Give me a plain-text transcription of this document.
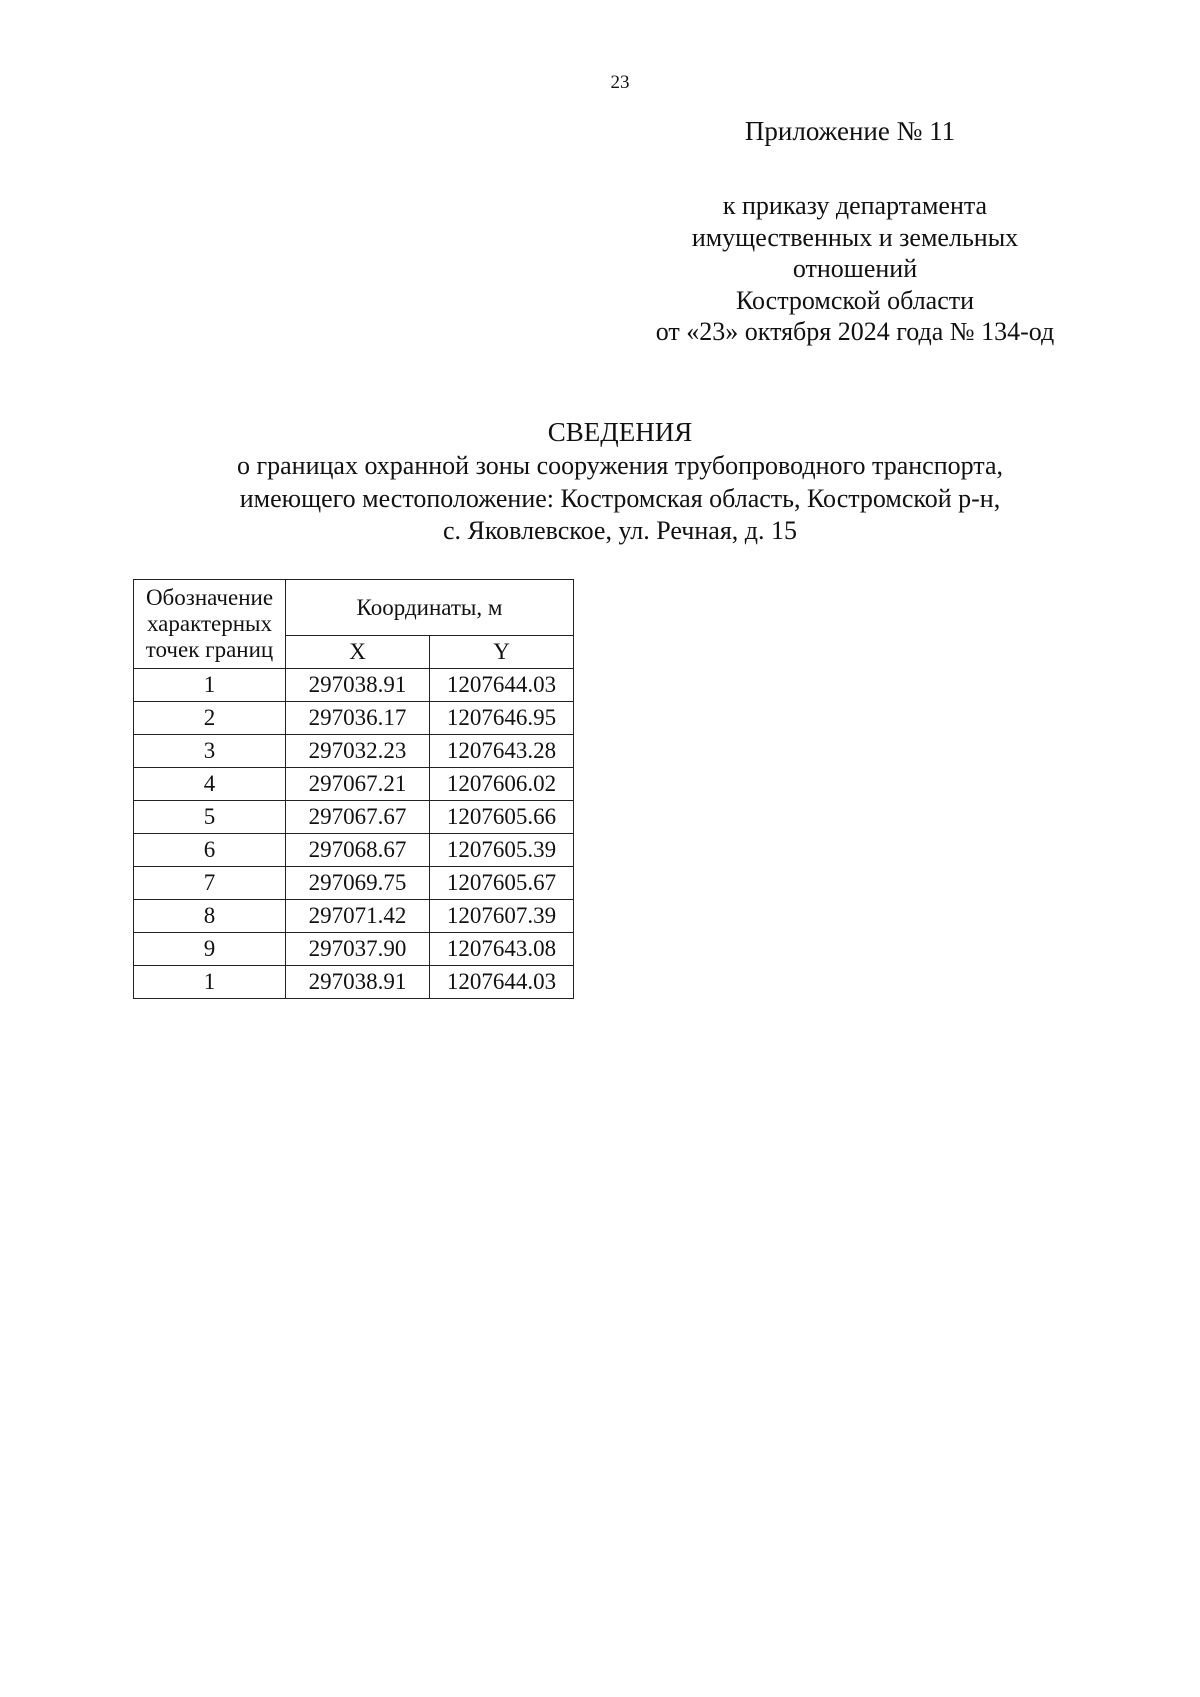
23
Приложение № 11
к приказу департамента
имущественных и земельных
отношений
Костромской области
от «23» октября 2024 года № 134-од
СВЕДЕНИЯ
о границах охранной зоны сооружения трубопроводного транспорта,
имеющего местоположение: Костромская область, Костромской р-н,
с. Яковлевское, ул. Речная, д. 15
Обозначение
характерных
точек границ	Координаты, м	
	X	Y
1	297038.91	1207644.03
2	297036.17	1207646.95
3	297032.23	1207643.28
4	297067.21	1207606.02
5	297067.67	1207605.66
6	297068.67	1207605.39
7	297069.75	1207605.67
8	297071.42	1207607.39
9	297037.90	1207643.08
1	297038.91	1207644.03
